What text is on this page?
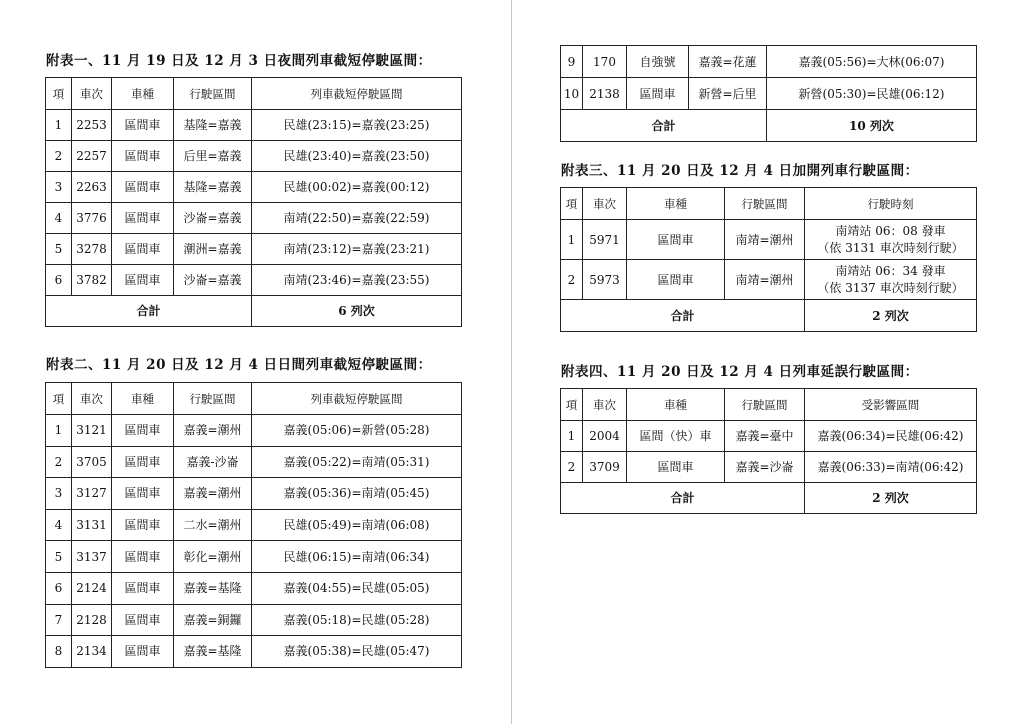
附表一、11 月 19 日及 12 月 3 日夜間列車截短停駛區間：
項	車次	車種	行駛區間	列車截短停駛區間
1	2253	區間車	基隆=嘉義	民雄(23:15)=嘉義(23:25)
2	2257	區間車	后里=嘉義	民雄(23:40)=嘉義(23:50)
3	2263	區間車	基隆=嘉義	民雄(00:02)=嘉義(00:12)
4	3776	區間車	沙崙=嘉義	南靖(22:50)=嘉義(22:59)
5	3278	區間車	潮洲=嘉義	南靖(23:12)=嘉義(23:21)
6	3782	區間車	沙崙=嘉義	南靖(23:46)=嘉義(23:55)
合計				6 列次
附表二、11 月 20 日及 12 月 4 日日間列車截短停駛區間：
項	車次	車種	行駛區間	列車截短停駛區間
1	3121	區間車	嘉義=潮州	嘉義(05:06)=新營(05:28)
2	3705	區間車	嘉義-沙崙	嘉義(05:22)=南靖(05:31)
3	3127	區間車	嘉義=潮州	嘉義(05:36)=南靖(05:45)
4	3131	區間車	二水=潮州	民雄(05:49)=南靖(06:08)
5	3137	區間車	彰化=潮州	民雄(06:15)=南靖(06:34)
6	2124	區間車	嘉義=基隆	嘉義(04:55)=民雄(05:05)
7	2128	區間車	嘉義=銅鑼	嘉義(05:18)=民雄(05:28)
8	2134	區間車	嘉義=基隆	嘉義(05:38)=民雄(05:47)
9	170	自強號	嘉義=花蓮	嘉義(05:56)=大林(06:07)
10	2138	區間車	新營=后里	新營(05:30)=民雄(06:12)
合計				10 列次
附表三、11 月 20 日及 12 月 4 日加開列車行駛區間：
項	車次	車種	行駛區間	行駛時刻
1	5971	區間車	南靖=潮州	南靖站 06：08 發車
（依 3131 車次時刻行駛）

2	5973	區間車	南靖=潮州	南靖站 06：34 發車
（依 3137 車次時刻行駛）

合計				2 列次
附表四、11 月 20 日及 12 月 4 日列車延誤行駛區間：
項	車次	車種	行駛區間	受影響區間
1	2004	區間（快）車	嘉義=臺中	嘉義(06:34)=民雄(06:42)
2	3709	區間車	嘉義=沙崙	嘉義(06:33)=南靖(06:42)
合計				2 列次
